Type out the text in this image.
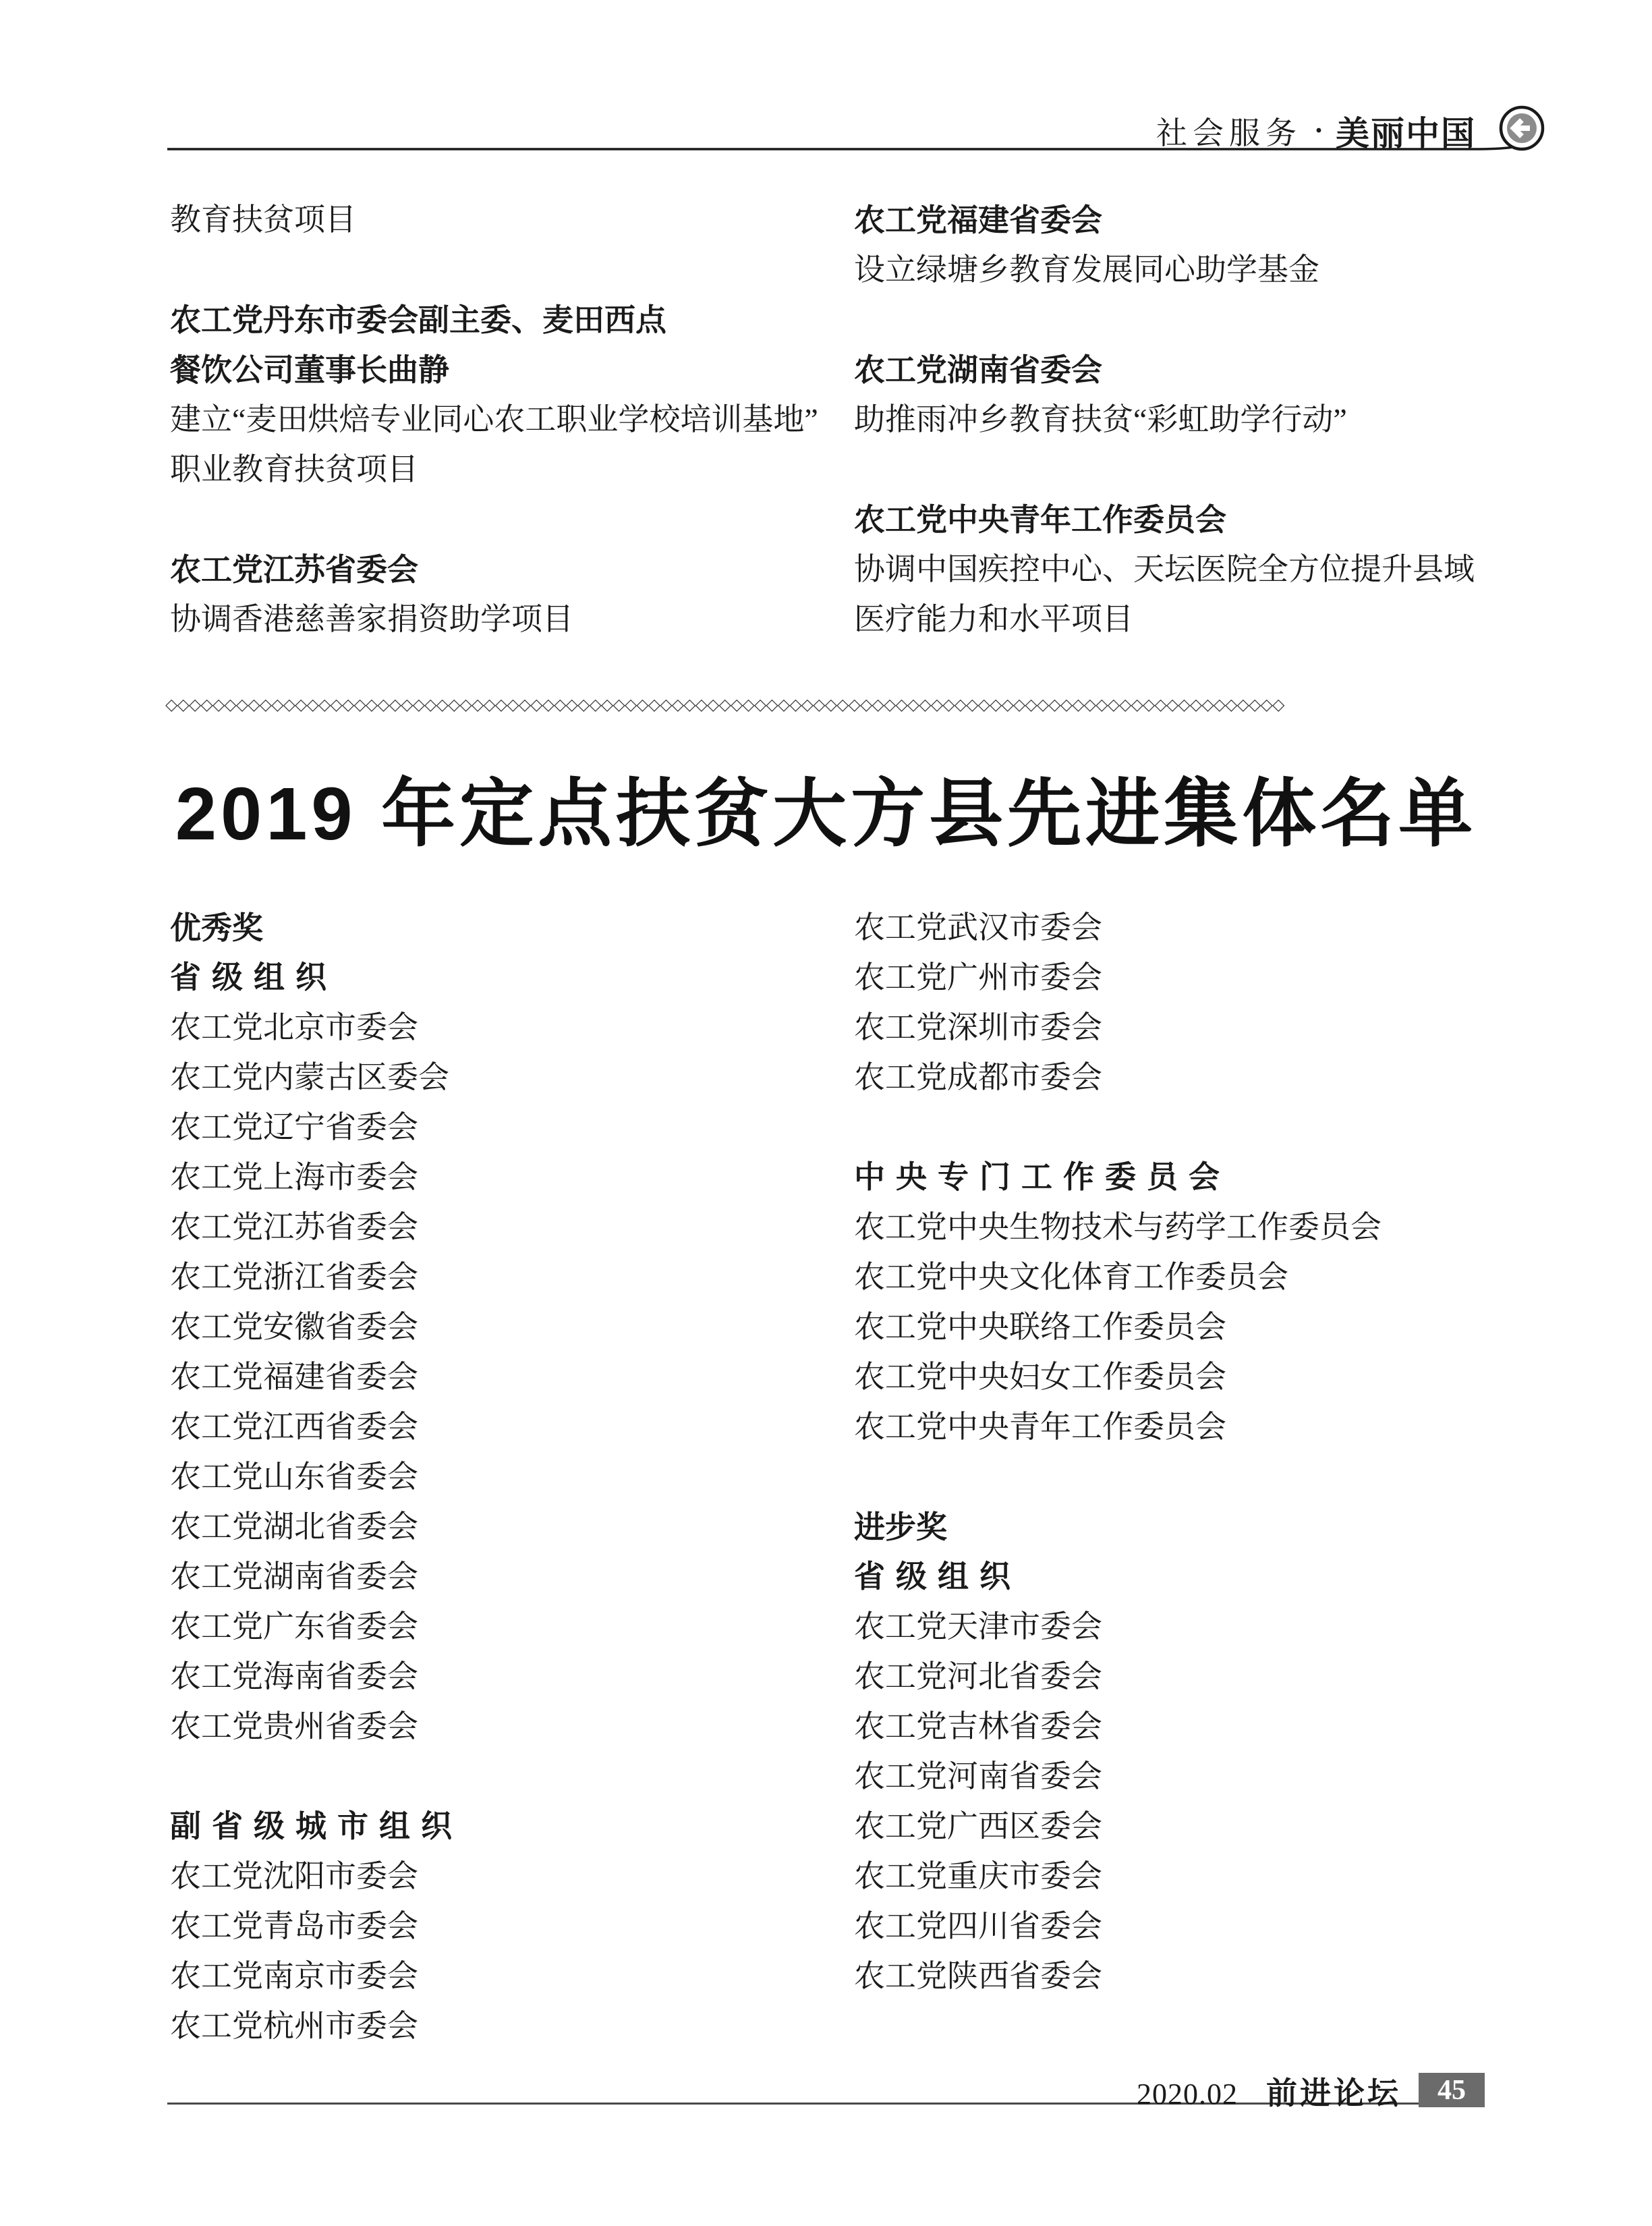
社会服务 · 美丽中国
教育扶贫项目
农工党丹东市委会副主委、麦田西点
餐饮公司董事长曲静
建立“麦田烘焙专业同心农工职业学校培训基地”
职业教育扶贫项目
农工党江苏省委会
协调香港慈善家捐资助学项目
农工党福建省委会
设立绿塘乡教育发展同心助学基金
农工党湖南省委会
助推雨冲乡教育扶贫“彩虹助学行动”
农工党中央青年工作委员会
协调中国疾控中心、天坛医院全方位提升县域
医疗能力和水平项目
◇◇◇◇◇◇◇◇◇◇◇◇◇◇◇◇◇◇◇◇◇◇◇◇◇◇◇◇◇◇◇◇◇◇◇◇◇◇◇◇◇◇◇◇◇◇◇◇◇◇◇◇◇◇◇◇◇◇◇◇◇◇◇◇◇◇◇◇◇◇◇◇◇◇◇◇◇◇◇◇◇◇◇◇◇◇◇◇◇◇◇◇◇◇◇
2019 年定点扶贫大方县先进集体名单
优秀奖
省级组织
农工党北京市委会
农工党内蒙古区委会
农工党辽宁省委会
农工党上海市委会
农工党江苏省委会
农工党浙江省委会
农工党安徽省委会
农工党福建省委会
农工党江西省委会
农工党山东省委会
农工党湖北省委会
农工党湖南省委会
农工党广东省委会
农工党海南省委会
农工党贵州省委会
副省级城市组织
农工党沈阳市委会
农工党青岛市委会
农工党南京市委会
农工党杭州市委会
农工党武汉市委会
农工党广州市委会
农工党深圳市委会
农工党成都市委会
中央专门工作委员会
农工党中央生物技术与药学工作委员会
农工党中央文化体育工作委员会
农工党中央联络工作委员会
农工党中央妇女工作委员会
农工党中央青年工作委员会
进步奖
省级组织
农工党天津市委会
农工党河北省委会
农工党吉林省委会
农工党河南省委会
农工党广西区委会
农工党重庆市委会
农工党四川省委会
农工党陕西省委会
2020.02 前进论坛 45
